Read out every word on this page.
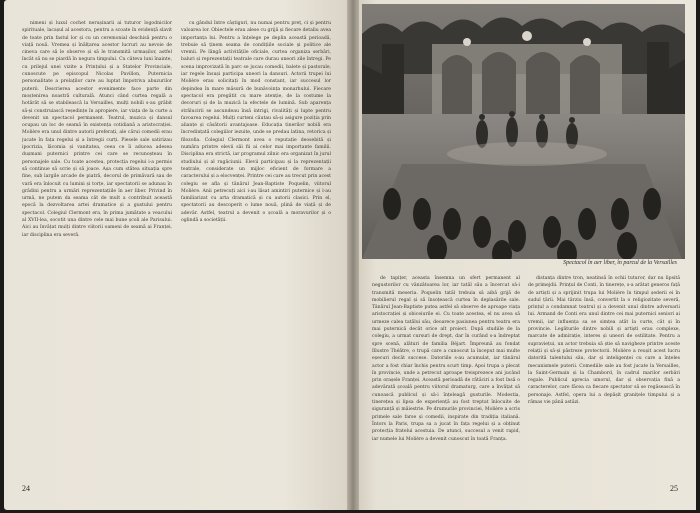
nimeni și luxul cochet nerușinarii ai tuturor logodnicilor spirituale, lacașul al acestora, pentru a scoate în evidență slavit de toate prin fastul lor și cu un ceremonial deschisă pentru o viață nouă. Vremea și înălțarea acestor lucruri au nevoie de cineva care să le observe și să le transmită urmașilor, astfel încât să nu se piardă în negura timpului. Cu câteva luni înainte, cu prilejul unei vizite a Prințului și a Statelor Provinciale, cunoscute pe episcopul Nicolas Pavillon, Puternicia personalitate a prelaților care au luptat împotriva abuzurilor puterii. Descrierea acestor evenimente face parte din moștenirea noastră culturală. Atunci când curtea regală a hotărât să se stabilească la Versailles, mulți nobili s-au grăbit să-și construiască reședințe în apropiere, iar viața de la curte a devenit un spectacol permanent. Teatrul, muzica și dansul ocupau un loc de seamă în existența cotidiană a aristocrației. Molière era unul dintre autorii preferați, ale cărui comedii erau jucate în fața regelui și a întregii curți. Piesele sale satirizau ipocrizia, lăcomia și vanitatea, ceea ce îi aducea adesea dușmani puternici printre cei care se recunoșteau în personajele sale. Cu toate acestea, protecția regelui i-a permis să continue să scrie și să joace. Așa cum stătea situația spre fine, sub largile arcade de piatră, decorul de primăvară sau de vară era înlocuit cu lumini și torțe, iar spectatorii se adunau în grădini pentru a urmări reprezentațiile în aer liber. Privind în urmă, ne putem da seama cât de mult a contribuit această epocă la dezvoltarea artei dramatice și a gustului pentru spectacol. Colegiul Clermont era, în prima jumătate a veacului al XVII-lea, socotit una dintre cele mai bune școli ale Parisului. Aici au învățat mulți dintre viitorii oameni de seamă ai Franței, iar disciplina era severă.

cu gândul între câștiguri, nu numai pentru preț, ci și pentru valoarea lor. Obiectele erau alese cu grijă și fiecare detaliu avea importanța lui. Pentru a înțelege pe deplin această perioadă, trebuie să ținem seama de condițiile sociale și politice ale vremii. Pe lângă activitățile oficiale, curtea organiza serbări, baluri și reprezentații teatrale care durau uneori zile întregi. Pe scena improvizată în parc se jucau comedii, balete și pastorale, iar regele însuși participa uneori la dansuri. Actorii trupei lui Molière erau solicitați în mod constant, iar succesul lor depindea în mare măsură de bunăvoința monarhului. Fiecare spectacol era pregătit cu mare atenție, de la costume la decoruri și de la muzică la efectele de lumină. Sub aparența strălucirii se ascundeau însă intrigi, rivalități și lupte pentru favoarea regelui. Mulți curteni căutau să-și asigure poziția prin alianțe și căsătorii avantajoase. Educația tinerilor nobili era încredințată colegiilor iezuite, unde se predau latina, retorica și filozofia. Colegiul Clermont avea o reputație deosebită și număra printre elevii săi fii ai celor mai importante familii. Disciplina era strictă, iar programul zilnic era organizat în jurul studiului și al rugăciunii. Elevii participau și la reprezentații teatrale, considerate un mijloc eficient de formare a caracterului și a elocvenței. Printre cei care au trecut prin acest colegiu se afla și tânărul Jean-Baptiste Poquelin, viitorul Molière. Anii petrecuți aici i-au lăsat amintiri puternice și l-au familiarizat cu arta dramatică și cu autorii clasici. Prin el, spectatorii au descoperit o lume nouă, plină de viață și de adevăr. Astfel, teatrul a devenit o școală a moravurilor și o oglindă a societății.

Spectacol în aer liber, în parcul de la Versailles

de tapițer, aceasta însemna un sfert permanent al negustorilor cu vânzătoarea lor, iar tatăl său a încercat să-i transmită meseria. Poquelin tatăl trebuia să aibă grijă de mobilierul regal și să însoțească curtea în deplasările sale. Tânărul Jean-Baptiste putea astfel să observe de aproape viața aristocrației și obiceiurile ei. Cu toate acestea, el nu avea să urmeze calea tatălui său, deoarece pasiunea pentru teatru era mai puternică decât orice alt proiect. După studiile de la colegiu, a urmat cursuri de drept, dar în curând s-a îndreptat spre scenă, alături de familia Béjart. Împreună au fondat Illustre Théâtre, o trupă care a cunoscut la început mai multe eșecuri decât succese. Datoriile s-au acumulat, iar tânărul actor a fost chiar închis pentru scurt timp. Apoi trupa a plecat în provincie, unde a petrecut aproape treisprezece ani jucând prin orașele Franței. Această perioadă de rătăciri a fost însă o adevărată școală pentru viitorul dramaturg, care a învățat să cunoască publicul și să-i înțeleagă gusturile. Modestia, tinerețea și lipsa de experiență au fost treptat înlocuite de siguranță și măiestrie. Pe drumurile provinciei, Molière a scris primele sale farse și comedii, inspirate din tradiția italiană. Întors la Paris, trupa sa a jucat în fața regelui și a obținut protecția fratelui acestuia. De atunci, succesul a venit rapid, iar numele lui Molière a devenit cunoscut în toată Franța.

distanța dintre tron, neatinsă în ochii tuturor, dar nu lipsită de primejdii. Prințul de Conti, în tinerețe, s-a arătat generos față de artiști și a sprijinit trupa lui Molière în timpul șederii ei în sudul țării. Mai târziu însă, convertit la o religiozitate severă, prințul a condamnat teatrul și a devenit unul dintre adversarii lui. Armand de Conti era unul dintre cei mai puternici seniori ai vremii, iar influența sa se simțea atât la curte, cât și în provincie. Legăturile dintre nobili și artiști erau complexe, marcate de admirație, interes și uneori de ostilitate. Pentru a supraviețui, un actor trebuia să știe să navigheze printre aceste relații și să-și păstreze protectorii. Molière a reușit acest lucru datorită talentului său, dar și inteligenței cu care a înțeles mecanismele puterii. Comediile sale au fost jucate la Versailles, la Saint-Germain și la Chambord, în cadrul marilor serbări regale. Publicul aprecia umorul, dar și observația fină a caracterelor, care făcea ca fiecare spectator să se regăsească în personaje. Astfel, opera lui a depășit granițele timpului și a rămas vie până astăzi.

24	25
